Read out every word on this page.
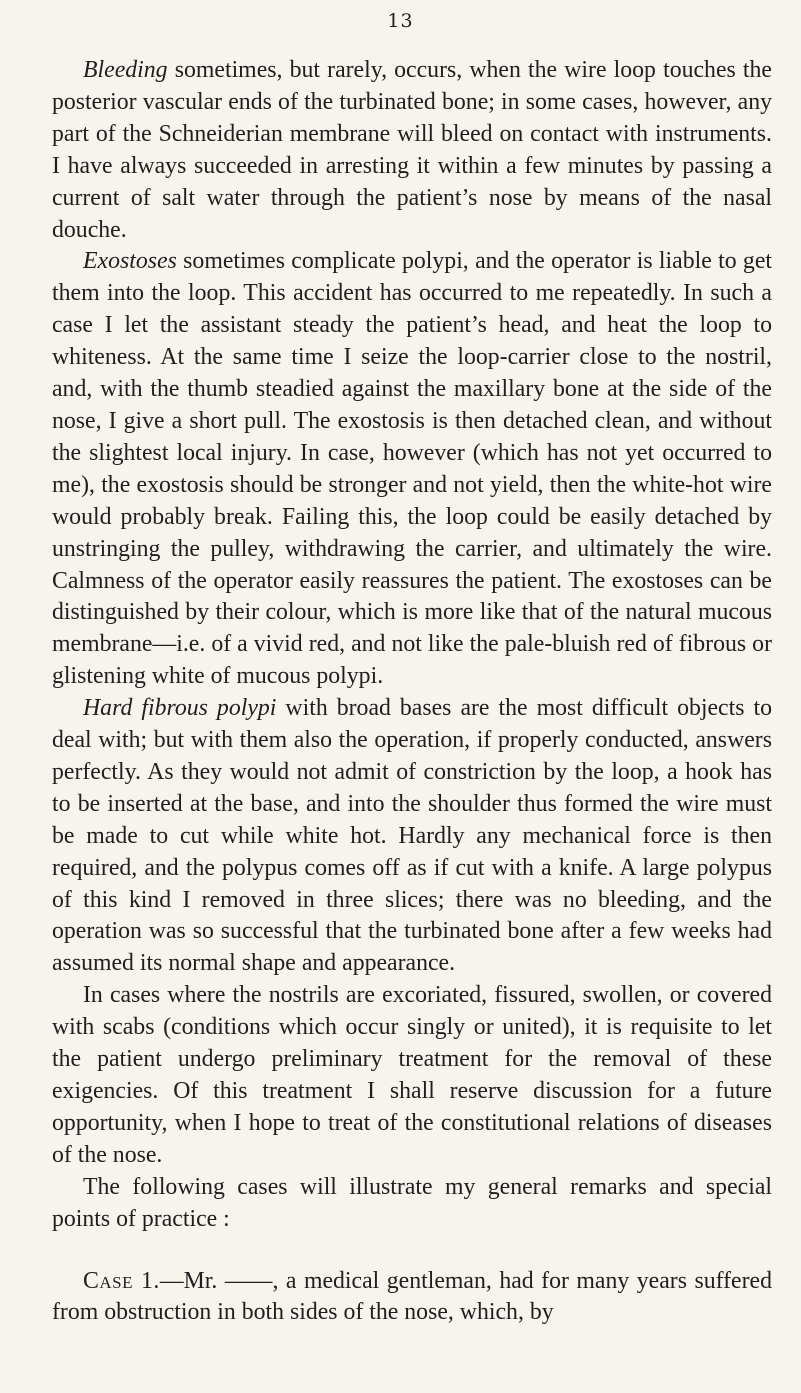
13

Bleeding sometimes, but rarely, occurs, when the wire loop touches the posterior vascular ends of the turbinated bone; in some cases, however, any part of the Schneiderian membrane will bleed on contact with instruments. I have always succeeded in arresting it within a few minutes by passing a current of salt water through the patient’s nose by means of the nasal douche.

Exostoses sometimes complicate polypi, and the operator is liable to get them into the loop. This accident has occurred to me repeatedly. In such a case I let the assistant steady the patient’s head, and heat the loop to whiteness. At the same time I seize the loop-carrier close to the nostril, and, with the thumb steadied against the maxillary bone at the side of the nose, I give a short pull. The exostosis is then detached clean, and without the slightest local injury. In case, however (which has not yet occurred to me), the exostosis should be stronger and not yield, then the white-hot wire would probably break. Failing this, the loop could be easily detached by unstringing the pulley, withdrawing the carrier, and ultimately the wire. Calmness of the operator easily reassures the patient. The exostoses can be distinguished by their colour, which is more like that of the natural mucous membrane—i.e. of a vivid red, and not like the pale-bluish red of fibrous or glistening white of mucous polypi.

Hard fibrous polypi with broad bases are the most difficult objects to deal with; but with them also the operation, if properly conducted, answers perfectly. As they would not admit of constriction by the loop, a hook has to be inserted at the base, and into the shoulder thus formed the wire must be made to cut while white hot. Hardly any mechanical force is then required, and the polypus comes off as if cut with a knife. A large polypus of this kind I removed in three slices; there was no bleeding, and the operation was so successful that the turbinated bone after a few weeks had assumed its normal shape and appearance.

In cases where the nostrils are excoriated, fissured, swollen, or covered with scabs (conditions which occur singly or united), it is requisite to let the patient undergo preliminary treatment for the removal of these exigencies. Of this treatment I shall reserve discussion for a future opportunity, when I hope to treat of the constitutional relations of diseases of the nose.

The following cases will illustrate my general remarks and special points of practice :

Case 1.—Mr. ——, a medical gentleman, had for many years suffered from obstruction in both sides of the nose, which, by
